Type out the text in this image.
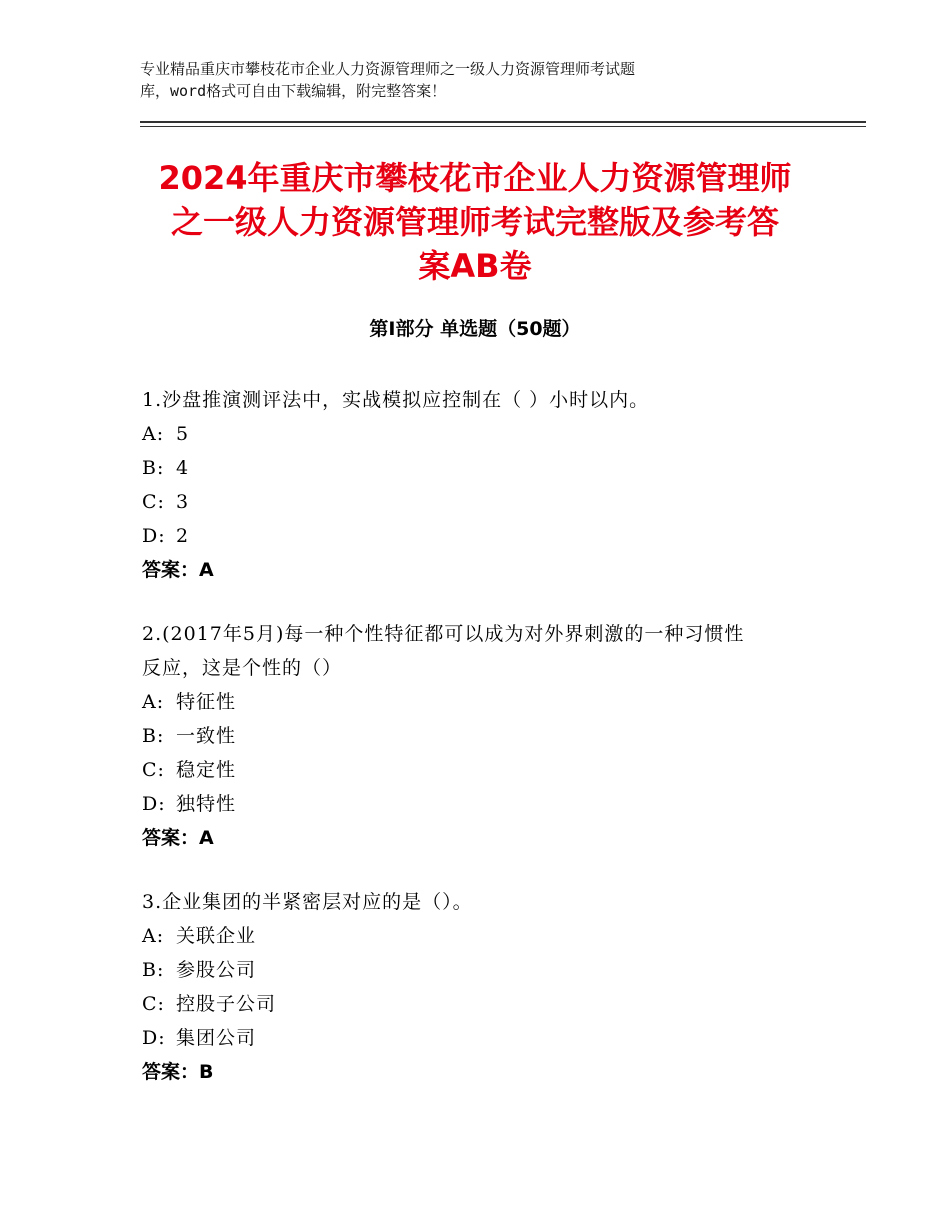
专业精品重庆市攀枝花市企业人力资源管理师之一级人力资源管理师考试题
库，word格式可自由下载编辑，附完整答案！
2024年重庆市攀枝花市企业人力资源管理师
之一级人力资源管理师考试完整版及参考答
案AB卷
第Ⅰ部分 单选题（50题）
1.沙盘推演测评法中，实战模拟应控制在（ ）小时以内。
A: 5
B: 4
C: 3
D: 2
答案：A
2.(2017年5月)每一种个性特征都可以成为对外界刺激的一种习惯性
反应，这是个性的（）
A: 特征性
B: 一致性
C: 稳定性
D: 独特性
答案：A
3.企业集团的半紧密层对应的是（）。
A: 关联企业
B: 参股公司
C: 控股子公司
D: 集团公司
答案：B
